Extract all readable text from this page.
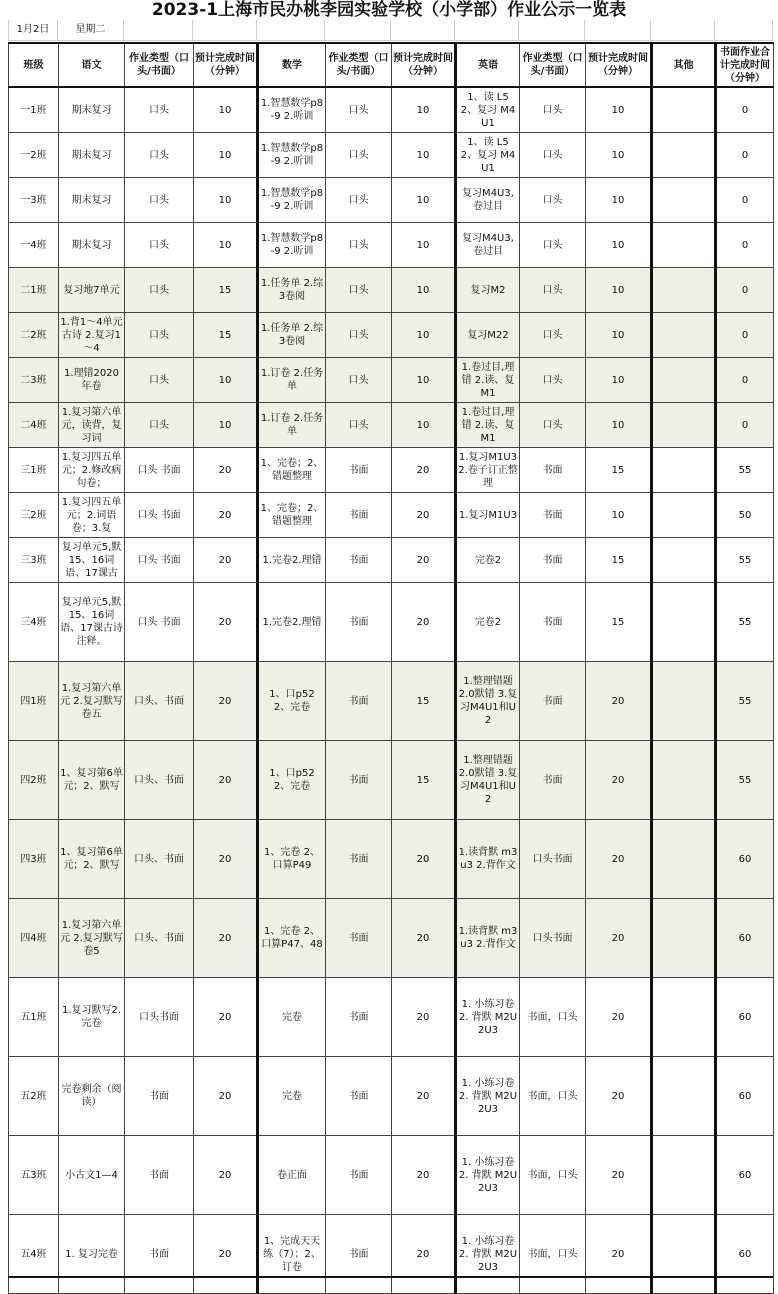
2023-1上海市民办桃李园实验学校（小学部）作业公示一览表
1月2日	星期二
班级	语文	作业类型（口头/书面）	预计完成时间（分钟）	数学	作业类型（口头/书面）	预计完成时间（分钟）	英语	作业类型（口头/书面）	预计完成时间（分钟）	其他	书面作业合计完成时间（分钟）
一1班	期末复习	口头	10	1.智慧数学p8-9 2.听训	口头	10	1、读 L5 2、复习 M4U1	口头	10		0
一2班	期末复习	口头	10	1.智慧数学p8-9 2.听训	口头	10	1、读 L5 2、复习 M4U1	口头	10		0
一3班	期末复习	口头	10	1.智慧数学p8-9 2.听训	口头	10	复习M4U3,卷过目	口头	10		0
一4班	期末复习	口头	10	1.智慧数学p8-9 2.听训	口头	10	复习M4U3,卷过目	口头	10		0
二1班	复习地7单元	口头	15	1.任务单 2.综3卷阅	口头	10	复习M2	口头	10		0
二2班	1.背1～4单元古诗 2.复习1～4	口头	15	1.任务单 2.综3卷阅	口头	10	复习M22	口头	10		0
二3班	1.理错2020年卷	口头	10	1.订卷 2.任务单	口头	10	1.卷过目,理错 2.读、复M1	口头	10		0
二4班	1.复习第六单元，读背，复习词	口头	10	1.订卷 2.任务单	口头	10	1.卷过目,理错 2.读、复M1	口头	10		0
三1班	1.复习四五单元；2.修改病句卷；	口头 书面	20	1、完卷；2、错题整理	书面	20	1.复习M1U3 2.卷子订正整理	书面	15		55
三2班	1.复习四五单元；2.词语卷；3.复	口头 书面	20	1、完卷；2、错题整理	书面	20	1.复习M1U3	书面	10		50
三3班	复习单元5,默15、16词语、17课古	口头 书面	20	1.完卷2.理错	书面	20	完卷2	书面	15		55
三4班	复习单元5,默15、16词语、17课古诗注释。	口头 书面	20	1.完卷2.理错	书面	20	完卷2	书面	15		55
四1班	1.复习第六单元 2.复习默写卷五	口头、书面	20	1、口p52 2、完卷	书面	15	1.整理错题 2.0默错 3.复习M4U1和U2	书面	20		55
四2班	1、复习第6单元；2、默写	口头、书面	20	1、口p52 2、完卷	书面	15	1.整理错题 2.0默错 3.复习M4U1和U2	书面	20		55
四3班	1、复习第6单元；2、默写	口头、书面	20	1、完卷 2、口算P49	书面	20	1.读背默 m3u3 2.背作文	口头书面	20		60
四4班	1.复习第六单元 2.复习默写卷5	口头、书面	20	1、完卷 2、口算P47、48	书面	20	1.读背默 m3u3 2.背作文	口头书面	20		60
五1班	1.复习默写2.完卷	口头书面	20	完卷	书面	20	1. 小练习卷 2. 背默 M2U2U3	书面，口头	20		60
五2班	完卷剩余（阅读）	书面	20	完卷	书面	20	1. 小练习卷 2. 背默 M2U2U3	书面，口头	20		60
五3班	小古文1—4	书面	20	卷正面	书面	20	1. 小练习卷 2. 背默 M2U2U3	书面，口头	20		60
五4班	1. 复习完卷	书面	20	1、完成天天练（7）；2、订卷	书面	20	1. 小练习卷 2. 背默 M2U2U3	书面，口头	20		60
